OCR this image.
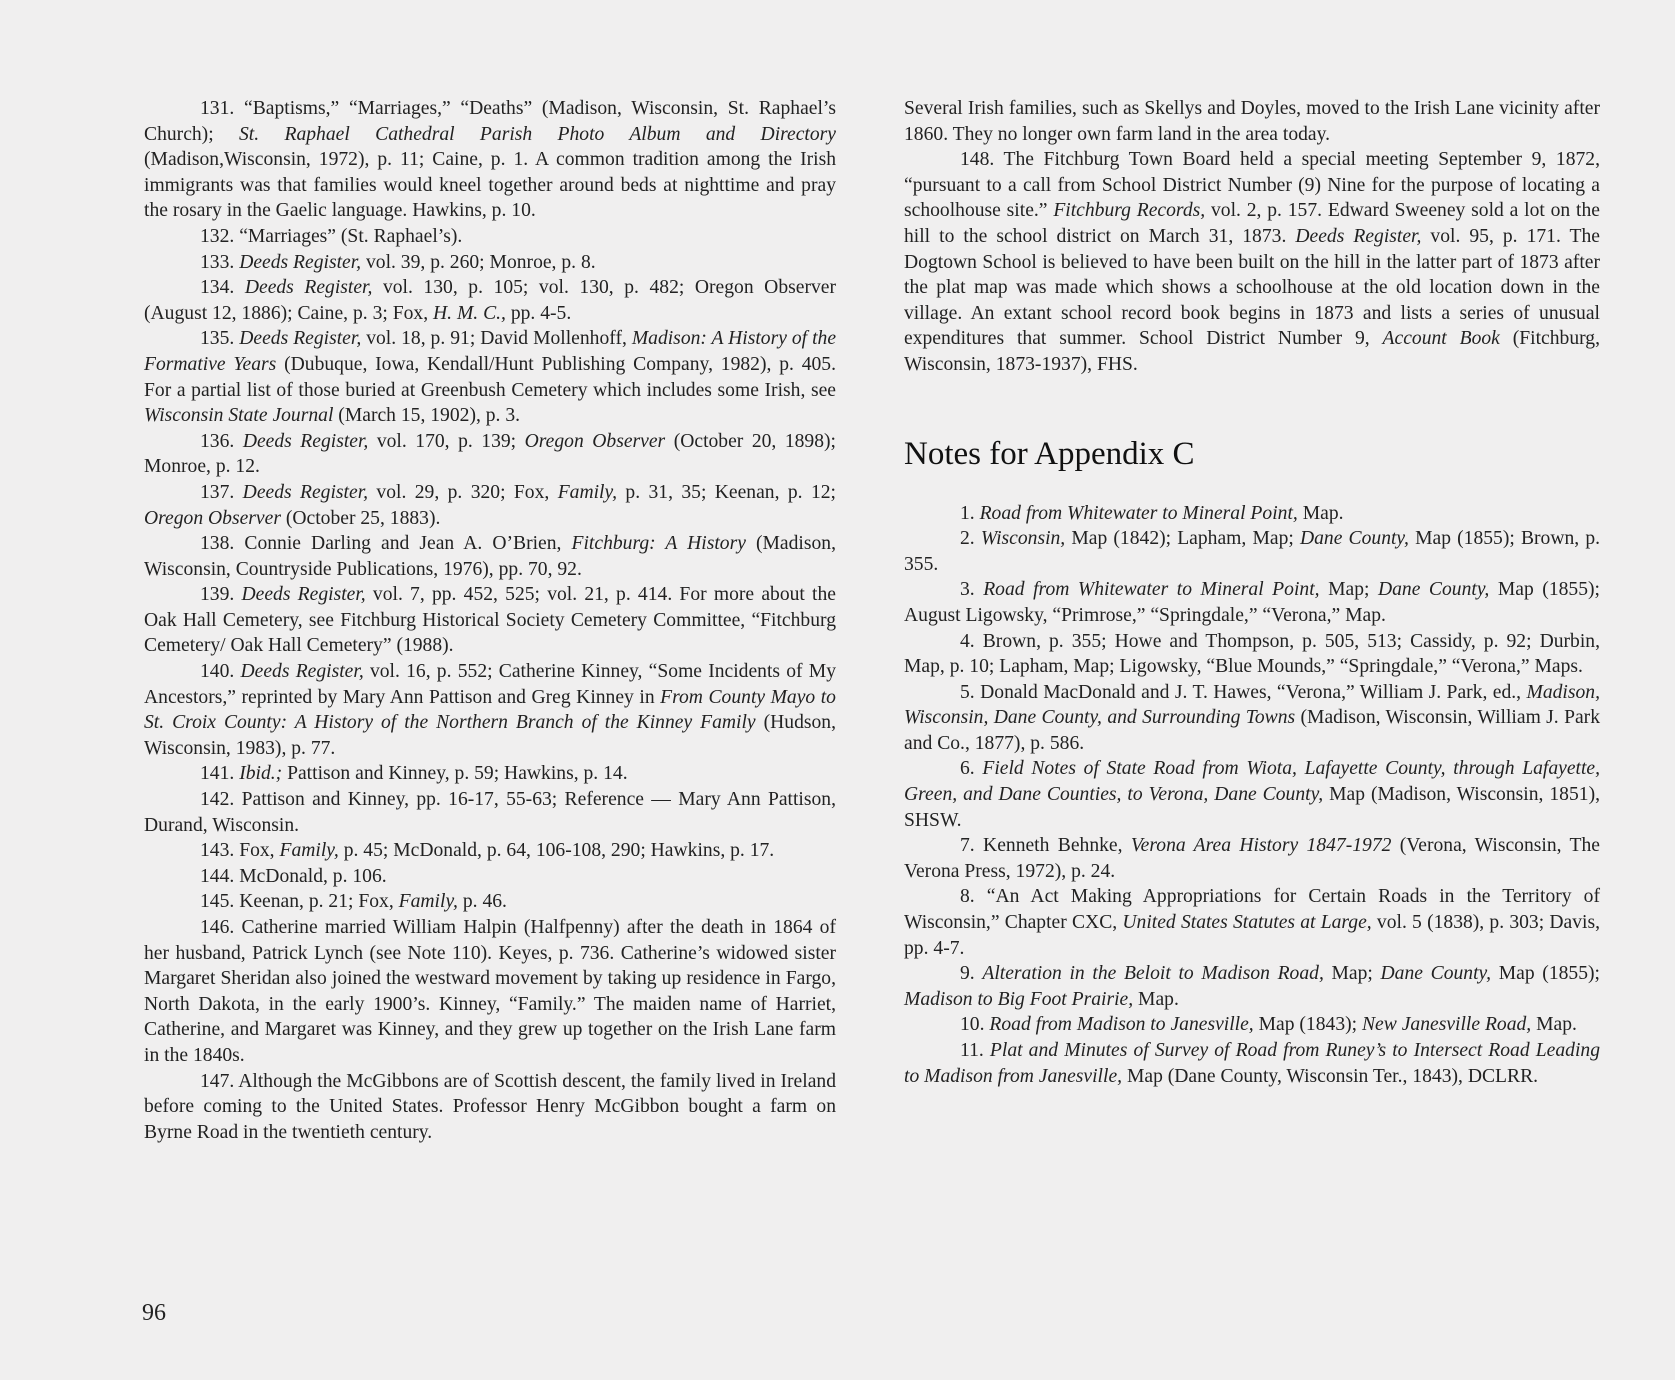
131. “Baptisms,” “Marriages,” “Deaths” (Madison, Wisconsin, St. Raphael’s Church); St. Raphael Cathedral Parish Photo Album and Directory (Madison,Wisconsin, 1972), p. 11; Caine, p. 1. A common tradition among the Irish immigrants was that families would kneel together around beds at nighttime and pray the rosary in the Gaelic language. Hawkins, p. 10.

132. “Marriages” (St. Raphael’s).

133. Deeds Register, vol. 39, p. 260; Monroe, p. 8.

134. Deeds Register, vol. 130, p. 105; vol. 130, p. 482; Oregon Observer (August 12, 1886); Caine, p. 3; Fox, H. M. C., pp. 4-5.

135. Deeds Register, vol. 18, p. 91; David Mollenhoff, Madison: A History of the Formative Years (Dubuque, Iowa, Kendall/Hunt Publishing Company, 1982), p. 405. For a partial list of those buried at Greenbush Cemetery which includes some Irish, see Wisconsin State Journal (March 15, 1902), p. 3.

136. Deeds Register, vol. 170, p. 139; Oregon Observer (October 20, 1898); Monroe, p. 12.

137. Deeds Register, vol. 29, p. 320; Fox, Family, p. 31, 35; Keenan, p. 12; Oregon Observer (October 25, 1883).

138. Connie Darling and Jean A. O’Brien, Fitchburg: A History (Madison, Wisconsin, Countryside Publications, 1976), pp. 70, 92.

139. Deeds Register, vol. 7, pp. 452, 525; vol. 21, p. 414. For more about the Oak Hall Cemetery, see Fitchburg Historical Society Cemetery Committee, “Fitchburg Cemetery/ Oak Hall Cemetery” (1988).

140. Deeds Register, vol. 16, p. 552; Catherine Kinney, “Some Incidents of My Ancestors,” reprinted by Mary Ann Pattison and Greg Kinney in From County Mayo to St. Croix County: A History of the Northern Branch of the Kinney Family (Hudson, Wisconsin, 1983), p. 77.

141. Ibid.; Pattison and Kinney, p. 59; Hawkins, p. 14.

142. Pattison and Kinney, pp. 16-17, 55-63; Reference — Mary Ann Pattison, Durand, Wisconsin.

143. Fox, Family, p. 45; McDonald, p. 64, 106-108, 290; Hawkins, p. 17.

144. McDonald, p. 106.

145. Keenan, p. 21; Fox, Family, p. 46.

146. Catherine married William Halpin (Halfpenny) after the death in 1864 of her husband, Patrick Lynch (see Note 110). Keyes, p. 736. Catherine’s widowed sister Margaret Sheridan also joined the westward movement by taking up residence in Fargo, North Dakota, in the early 1900’s. Kinney, “Family.” The maiden name of Harriet, Catherine, and Margaret was Kinney, and they grew up together on the Irish Lane farm in the 1840s.

147. Although the McGibbons are of Scottish descent, the family lived in Ireland before coming to the United States. Professor Henry McGibbon bought a farm on Byrne Road in the twentieth century.

Several Irish families, such as Skellys and Doyles, moved to the Irish Lane vicinity after 1860. They no longer own farm land in the area today.

148. The Fitchburg Town Board held a special meeting September 9, 1872, “pursuant to a call from School District Number (9) Nine for the purpose of locating a schoolhouse site.” Fitchburg Records, vol. 2, p. 157. Edward Sweeney sold a lot on the hill to the school district on March 31, 1873. Deeds Register, vol. 95, p. 171. The Dogtown School is believed to have been built on the hill in the latter part of 1873 after the plat map was made which shows a schoolhouse at the old location down in the village. An extant school record book begins in 1873 and lists a series of unusual expenditures that summer. School District Number 9, Account Book (Fitchburg, Wisconsin, 1873-1937), FHS.

Notes for Appendix C

1. Road from Whitewater to Mineral Point, Map.

2. Wisconsin, Map (1842); Lapham, Map; Dane County, Map (1855); Brown, p. 355.

3. Road from Whitewater to Mineral Point, Map; Dane County, Map (1855); August Ligowsky, “Primrose,” “Springdale,” “Verona,” Map.

4. Brown, p. 355; Howe and Thompson, p. 505, 513; Cassidy, p. 92; Durbin, Map, p. 10; Lapham, Map; Ligowsky, “Blue Mounds,” “Springdale,” “Verona,” Maps.

5. Donald MacDonald and J. T. Hawes, “Verona,” William J. Park, ed., Madison, Wisconsin, Dane County, and Surrounding Towns (Madison, Wisconsin, William J. Park and Co., 1877), p. 586.

6. Field Notes of State Road from Wiota, Lafayette County, through Lafayette, Green, and Dane Counties, to Verona, Dane County, Map (Madison, Wisconsin, 1851), SHSW.

7. Kenneth Behnke, Verona Area History 1847-1972 (Verona, Wisconsin, The Verona Press, 1972), p. 24.

8. “An Act Making Appropriations for Certain Roads in the Territory of Wisconsin,” Chapter CXC, United States Statutes at Large, vol. 5 (1838), p. 303; Davis, pp. 4-7.

9. Alteration in the Beloit to Madison Road, Map; Dane County, Map (1855); Madison to Big Foot Prairie, Map.

10. Road from Madison to Janesville, Map (1843); New Janesville Road, Map.

11. Plat and Minutes of Survey of Road from Runey’s to Intersect Road Leading to Madison from Janesville, Map (Dane County, Wisconsin Ter., 1843), DCLRR.

96
